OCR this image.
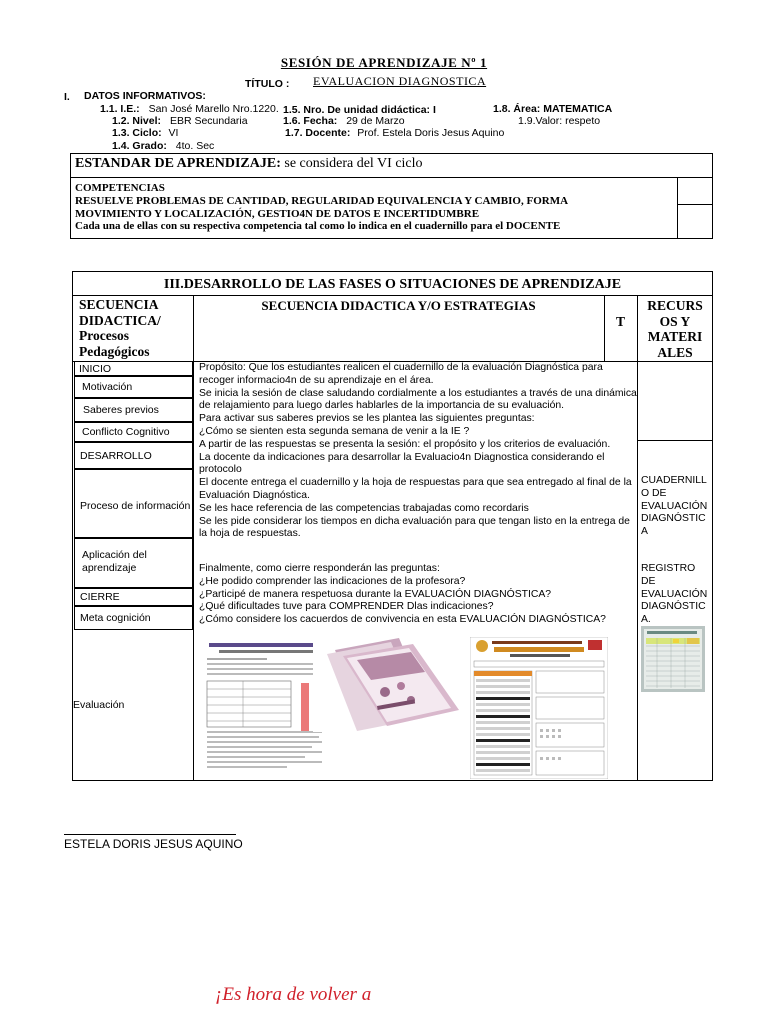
SESIÓN DE APRENDIZAJE Nº 1
TÍTULO : EVALUACION DIAGNOSTICA
I. DATOS INFORMATIVOS:
1.1. I.E.: San José Marello Nro.1220.
1.2. Nivel: EBR Secundaria
1.3. Ciclo: VI
1.4. Grado: 4to. Sec
1.5. Nro. De unidad didáctica: I
1.6. Fecha: 29 de Marzo
1.7. Docente: Prof. Estela Doris Jesus Aquino
1.8. Área: MATEMATICA
1.9.Valor: respeto
ESTANDAR DE APRENDIZAJE: se considera del VI ciclo
COMPETENCIAS
RESUELVE PROBLEMAS DE CANTIDAD, REGULARIDAD EQUIVALENCIA Y CAMBIO, FORMA
MOVIMIENTO Y LOCALIZACIÓN, GESTIO4N DE DATOS E INCERTIDUMBRE
Cada una de ellas con su respectiva competencia tal como lo indica en el cuadernillo para el DOCENTE
III.DESARROLLO DE LAS FASES O SITUACIONES DE APRENDIZAJE
SECUENCIA
DIDACTICA/
Procesos
Pedagógicos
SECUENCIA DIDACTICA Y/O ESTRATEGIAS
T
RECURS
OS Y
MATERI
ALES
INICIO
Motivación
Saberes previos
Conflicto Cognitivo
DESARROLLO
Proceso de información
Aplicación del
aprendizaje
CIERRE
Meta cognición
Evaluación
Propósito: Que los estudiantes realicen el cuadernillo de la evaluación Diagnóstica para
recoger informacio4n de su aprendizaje en el área.
Se inicia la sesión de clase saludando cordialmente a los estudiantes a través de una dinámica
de relajamiento para luego darles hablarles de la importancia de su evaluación.
Para activar sus saberes previos se les plantea las siguientes preguntas:
¿Cómo se sienten esta segunda semana de venir a la IE ?
A partir de las respuestas se presenta la sesión: el propósito y los criterios de evaluación.
La docente da indicaciones para desarrollar la Evaluacio4n Diagnostica considerando el
protocolo
El docente entrega el cuadernillo y la hoja de respuestas para que sea entregado al final de la
Evaluación Diagnóstica.
Se les hace referencia de las competencias trabajadas como recordaris
Se les pide considerar los tiempos en dicha evaluación para que tengan listo en la entrega de
la hoja de respuestas.
Finalmente, como cierre responderán las preguntas:
¿He podido comprender las indicaciones de la profesora?
¿Participé de manera respetuosa durante la EVALUACIÓN DIAGNÓSTICA?
¿Qué dificultades tuve para COMPRENDER Dlas indicaciones?
¿Cómo considere los cacuerdos de convivencia en esta EVALUACIÓN DIAGNÓSTICA?
CUADERNILL
O DE
EVALUACIÓN
DIAGNÓSTIC
A
REGISTRO
DE
EVALUACIÓN
DIAGNÓSTIC
A.
ESTELA DORIS JESUS AQUINO
¡Es hora de volver a
